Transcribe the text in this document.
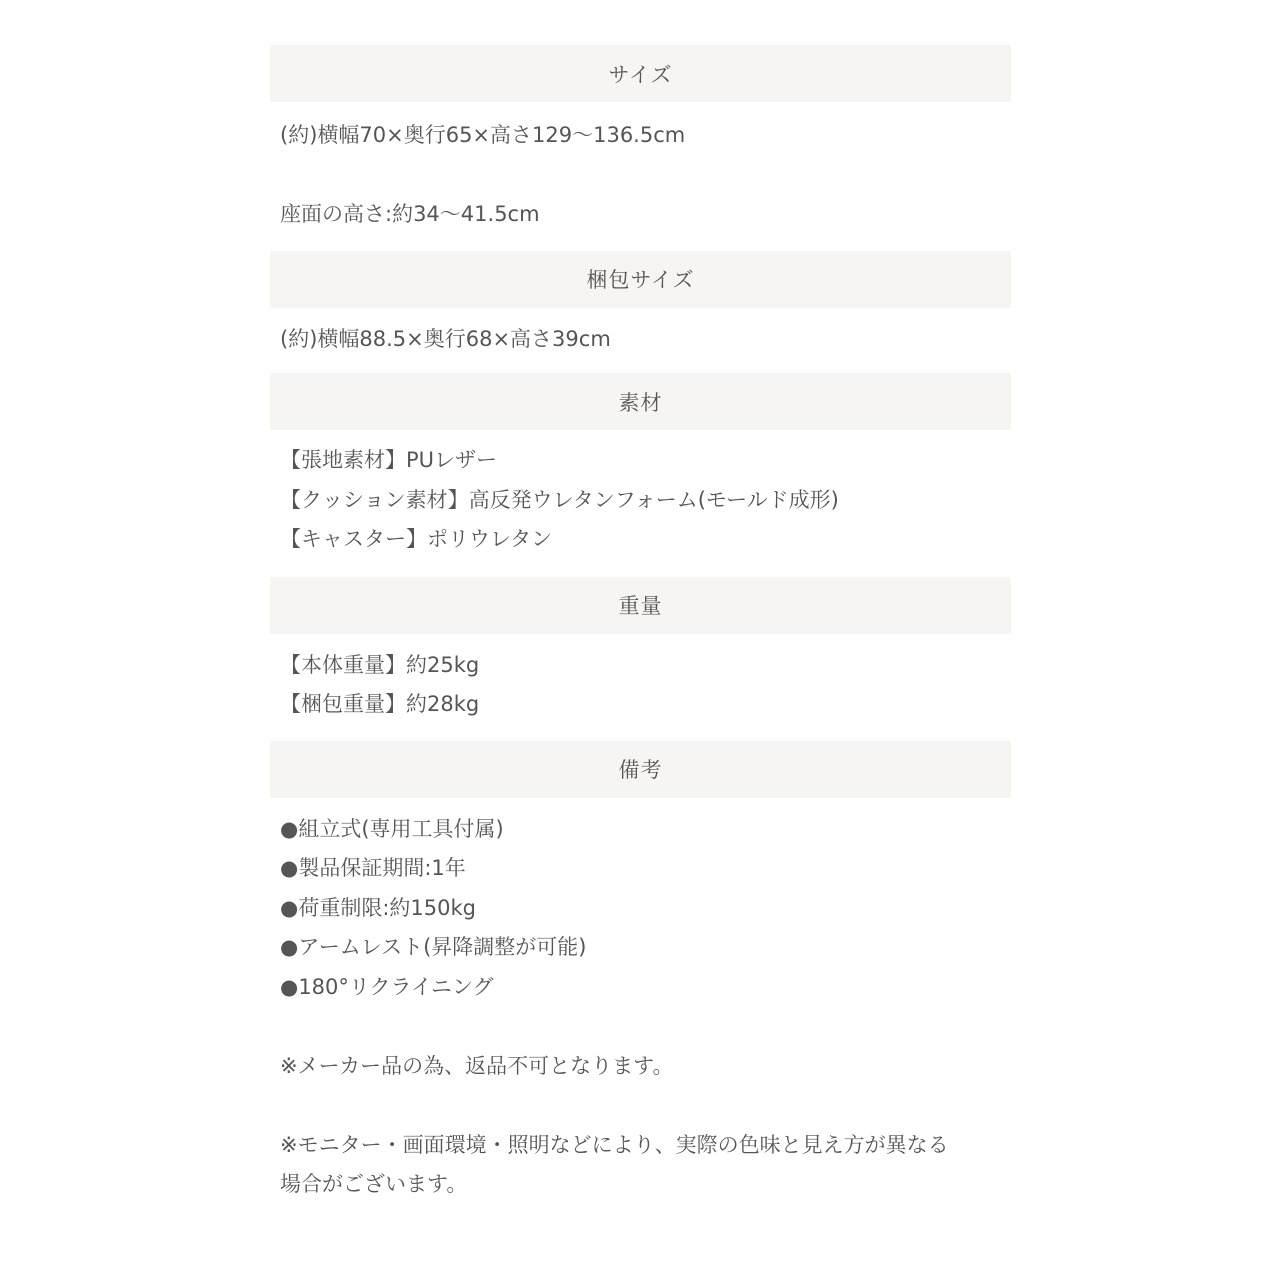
サイズ
(約)横幅70×奥行65×高さ129〜136.5cm
座面の高さ:約34〜41.5cm
梱包サイズ
(約)横幅88.5×奥行68×高さ39cm
素材
【張地素材】PUレザー
【クッション素材】高反発ウレタンフォーム(モールド成形)
【キャスター】ポリウレタン
重量
【本体重量】約25kg
【梱包重量】約28kg
備考
●組立式(専用工具付属)
●製品保証期間:1年
●荷重制限:約150kg
●アームレスト(昇降調整が可能)
●180°リクライニング
※メーカー品の為、返品不可となります。
※モニター・画面環境・照明などにより、実際の色味と見え方が異なる
場合がございます。
